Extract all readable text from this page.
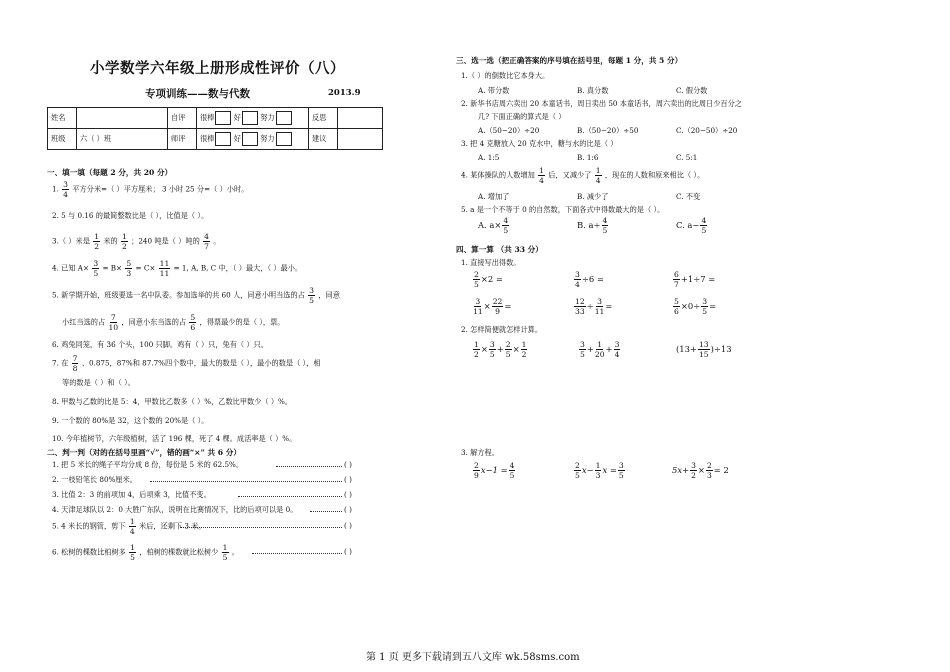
小学数学六年级上册形成性评价（八）
专项训练——数与代数	2013.9
姓名		自评	很棒 好 努力	反思	
班级	六（ ）班	师评	很棒 好 努力	建议	
一、填一填（每题 2 分，共 20 分）
1. $\frac{3}{4}$ 平方分米=（ ）平方厘米； 3 小时 25 分=（ ）小时。
2. 5 与 0.16 的最简整数比是（ ），比值是（ ）。
3.（ ）米是 $\frac{1}{2}$ 米的 $\frac{1}{2}$ ；240 吨是（ ）吨的 $\frac{4}{7}$ 。
4. 已知 $A\times \frac{3}{5} = B\times \frac{5}{3} = C\times \frac{11}{11} = 1$, A, B, C 中，（ ）最大，（ ）最小。
5. 新学期开始，班级要选一名中队委。参加选举的共 60 人，同意小明当选的占 $\frac{3}{5}$ ，同意
小红当选的占 $\frac{7}{10}$ ，同意小东当选的占 $\frac{5}{6}$ ，得票最少的是（ ），票。
6. 鸡兔同笼，有 36 个头，100 只脚。鸡有（ ）只，兔有（ ）只。
7. 在 $\frac{7}{8}$ 、0.875，87%和 87.7%四个数中，最大的数是（ ），最小的数是（ ），相
等的数是（ ）和（ ）。
8. 甲数与乙数的比是 5：4，甲数比乙数多（ ）%，乙数比甲数少（ ）%。
9. 一个数的 80%是 32，这个数的 20%是（ ）。
10. 今年植树节，六年级植树，活了 196 棵，死了 4 棵。成活率是（ ）%。
二、判一判（对的在括号里画“√”，错的画“×” 共 6 分）
1. 把 5 米长的绳子平均分成 8 份，每份是 5 米的 62.5%。
2. 一枝铅笔长 80%厘米。
3. 比值 2：3 的前项加 4，后项乘 3，比值不变。
4. 天津足球队以 2：0 大胜广东队，说明在比赛情况下，比的后项可以是 0。
5. 4 米长的钢管，剪下 $\frac{1}{4}$ 米后，还剩下 3 米。
6. 松树的棵数比柏树多 $\frac{1}{5}$ ，柏树的棵数就比松树少 $\frac{1}{5}$ 。
( )
( )
( )
( )
( )
( )
三、选一选（把正确答案的序号填在括号里，每题 1 分，共 5 分）
1.（ ）的倒数比它本身大。
A. 带分数	B. 真分数	C. 假分数
2. 新华书店周六卖出 20 本童话书，周日卖出 50 本童话书，周六卖出的比周日少百分之
几? 下面正确的算式是（ ）
A.（50−20）÷20	B.（50−20）÷50	C.（20−50）÷20
3. 把 4 克糖放入 20 克水中，糖与水的比是（ ）
A. 1:5	B. 1:6	C. 5:1
4. 某体操队的人数增加 $\frac{1}{4}$ 后，又减少了 $\frac{1}{4}$ ，现在的人数和原来相比（ ）。
A. 增加了	B. 减少了	C. 不变
5. a 是一个不等于 0 的自然数，下面各式中得数最大的是（ ）。
A. $a\times \frac{4}{5}$	B. $a\div \frac{4}{5}$	C. $a- \frac{4}{5}$
四、算一算 （共 33 分）
1. 直接写出得数。
$\frac{2}{5} \times 2$ =	$\frac{3}{4} \div 6$ =	$\frac{6}{7} +1\div 7$ =
$\frac{3}{11} \times \frac{22}{9}$ =	$\frac{12}{33} \div \frac{3}{11}$ =	$\frac{5}{6} \times 0\div \frac{3}{5}$ =
2. 怎样简便就怎样计算。
$\frac{1}{2} \times \frac{3}{5} + \frac{2}{5} \times \frac{1}{2}$	$\frac{3}{5} + \frac{1}{20} + \frac{3}{4}$	$(13+ \frac{13}{15} )\div 13$
3. 解方程。
$\frac{2}{9} x-1 = \frac{4}{5}$	$\frac{2}{5} x- \frac{1}{3}$ $x = \frac{3}{5}$	$5x+ \frac{3}{2} \times \frac{2}{3} = 2$
第 1 页 更多下载请到五八文库 wk.58sms.com
